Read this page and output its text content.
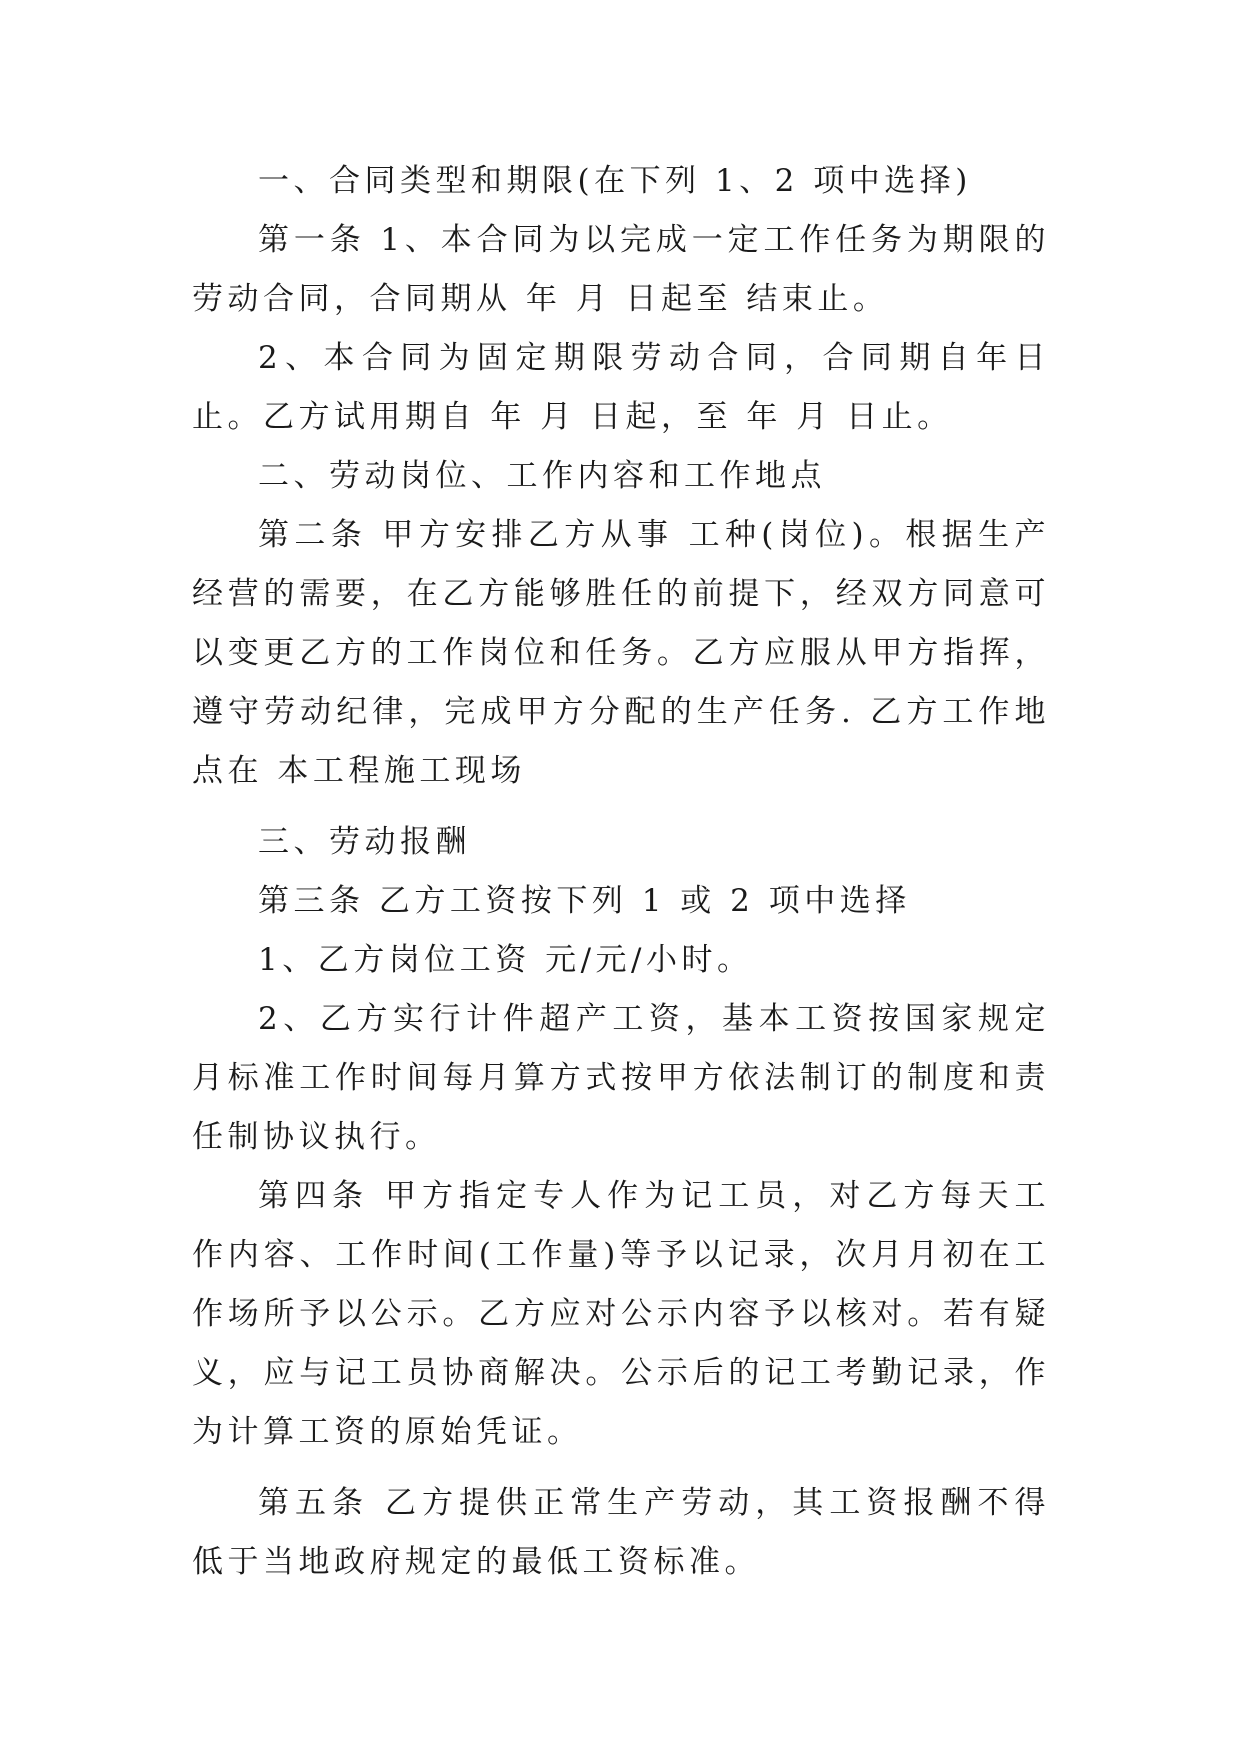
一、合同类型和期限(在下列 1、2 项中选择)

第一条 1、本合同为以完成一定工作任务为期限的劳动合同，合同期从 年 月 日起至 结束止。

2、本合同为固定期限劳动合同，合同期自年日止。乙方试用期自 年 月 日起，至 年 月 日止。

二、劳动岗位、工作内容和工作地点

第二条 甲方安排乙方从事 工种(岗位)。根据生产经营的需要，在乙方能够胜任的前提下，经双方同意可以变更乙方的工作岗位和任务。乙方应服从甲方指挥，遵守劳动纪律，完成甲方分配的生产任务. 乙方工作地点在 本工程施工现场

三、劳动报酬

第三条 乙方工资按下列 1 或 2 项中选择

1、乙方岗位工资 元/元/小时。

2、乙方实行计件超产工资，基本工资按国家规定月标准工作时间每月算方式按甲方依法制订的制度和责任制协议执行。

第四条 甲方指定专人作为记工员，对乙方每天工作内容、工作时间(工作量)等予以记录，次月月初在工作场所予以公示。乙方应对公示内容予以核对。若有疑义，应与记工员协商解决。公示后的记工考勤记录，作为计算工资的原始凭证。

第五条 乙方提供正常生产劳动，其工资报酬不得低于当地政府规定的最低工资标准。
